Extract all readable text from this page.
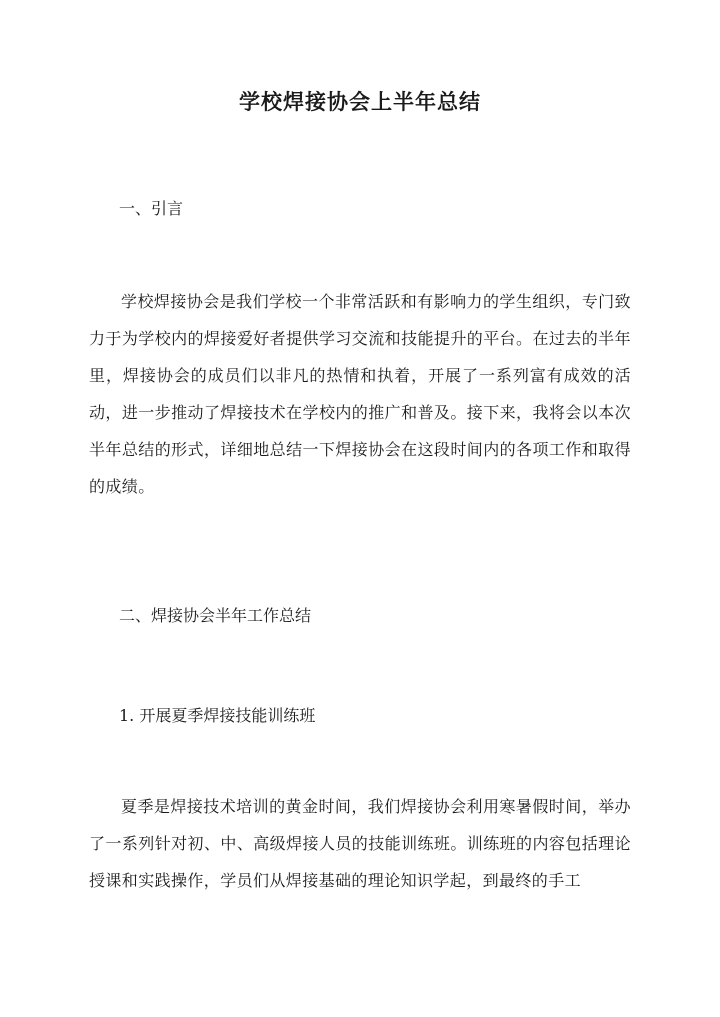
学校焊接协会上半年总结
一、引言

学校焊接协会是我们学校一个非常活跃和有影响力的学生组织，专门致力于为学校内的焊接爱好者提供学习交流和技能提升的平台。在过去的半年里，焊接协会的成员们以非凡的热情和执着，开展了一系列富有成效的活动，进一步推动了焊接技术在学校内的推广和普及。接下来，我将会以本次半年总结的形式，详细地总结一下焊接协会在这段时间内的各项工作和取得的成绩。

二、焊接协会半年工作总结
1. 开展夏季焊接技能训练班

夏季是焊接技术培训的黄金时间，我们焊接协会利用寒暑假时间，举办了一系列针对初、中、高级焊接人员的技能训练班。训练班的内容包括理论授课和实践操作，学员们从焊接基础的理论知识学起，到最终的手工
